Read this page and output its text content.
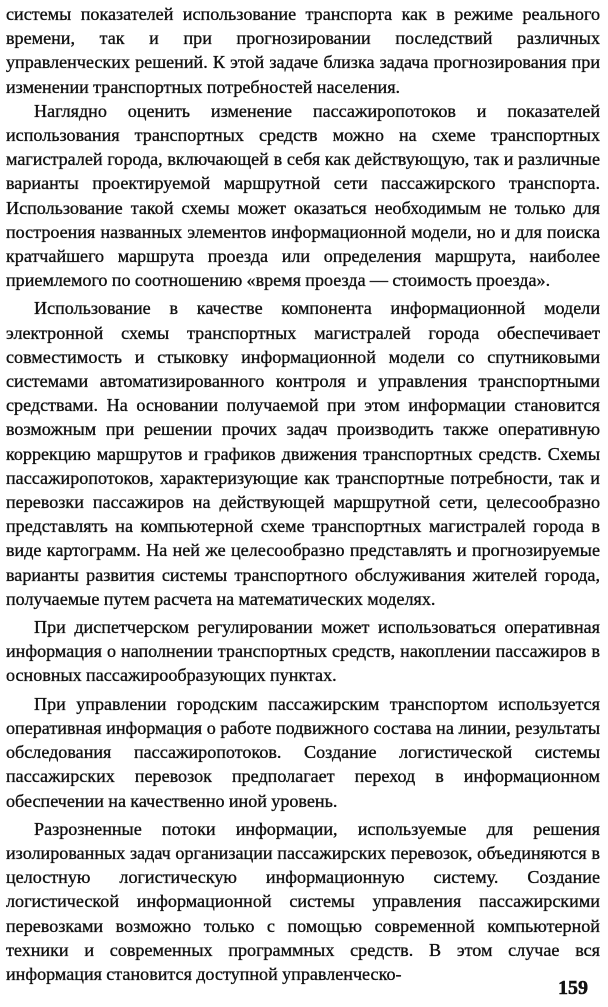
системы показателей использование транспорта как в режиме реального времени, так и при прогнозировании последствий различных управленческих решений. К этой задаче близка задача прогнозирования при изменении транспортных потребностей населения.

Наглядно оценить изменение пассажиропотоков и показателей использования транспортных средств можно на схеме транспортных магистралей города, включающей в себя как действующую, так и различные варианты проектируемой маршрутной сети пассажирского транспорта. Использование такой схемы может оказаться необходимым не только для построения названных элементов информационной модели, но и для поиска кратчайшего маршрута проезда или определения маршрута, наиболее приемлемого по соотношению «время проезда — стоимость проезда».

Использование в качестве компонента информационной модели электронной схемы транспортных магистралей города обеспечивает совместимость и стыковку информационной модели со спутниковыми системами автоматизированного контроля и управления транспортными средствами. На основании получаемой при этом информации становится возможным при решении прочих задач производить также оперативную коррекцию маршрутов и графиков движения транспортных средств. Схемы пассажиропотоков, характеризующие как транспортные потребности, так и перевозки пассажиров на действующей маршрутной сети, целесообразно представлять на компьютерной схеме транспортных магистралей города в виде картограмм. На ней же целесообразно представлять и прогнозируемые варианты развития системы транспортного обслуживания жителей города, получаемые путем расчета на математических моделях.

При диспетчерском регулировании может использоваться оперативная информация о наполнении транспортных средств, накоплении пассажиров в основных пассажирообразующих пунктах.

При управлении городским пассажирским транспортом используется оперативная информация о работе подвижного состава на линии, результаты обследования пассажиропотоков. Создание логистической системы пассажирских перевозок предполагает переход в информационном обеспечении на качественно иной уровень.

Разрозненные потоки информации, используемые для решения изолированных задач организации пассажирских перевозок, объединяются в целостную логистическую информационную систему. Создание логистической информационной системы управления пассажирскими перевозками возможно только с помощью современной компьютерной техники и современных программных средств. В этом случае вся информация становится доступной управленческо-

159
